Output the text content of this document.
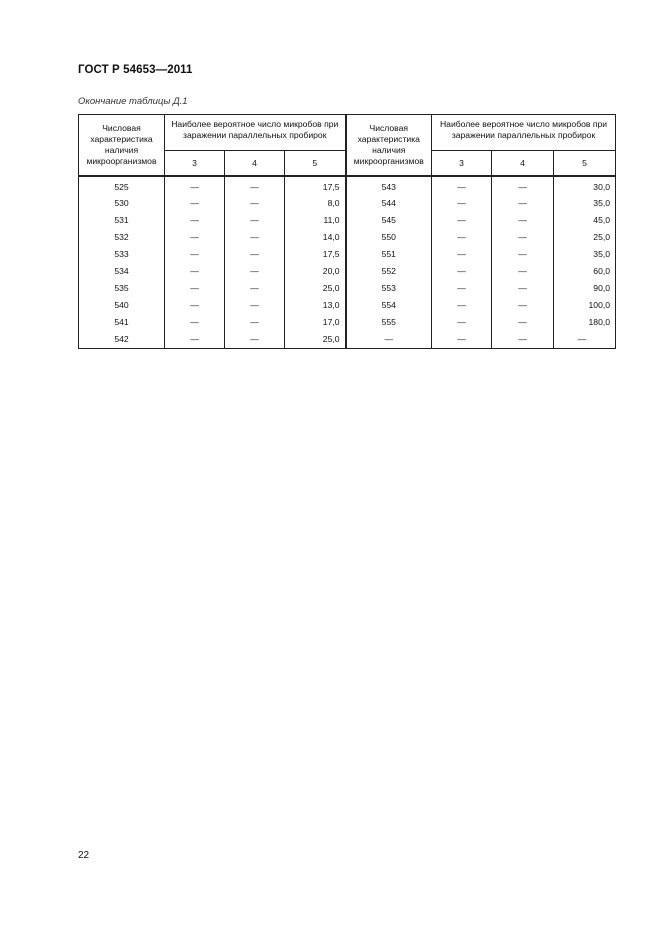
ГОСТ Р 54653—2011
Окончание таблицы Д.1
Числовая характеристика наличия микроорганизмов	Наиболее вероятное число микробов при заражении параллельных пробирок			Числовая характеристика наличия микроорганизмов	Наиболее вероятное число микробов при заражении параллельных пробирок		
	3	4	5		3	4	5
525	—	—	17,5	543	—	—	30,0
530	—	—	8,0	544	—	—	35,0
531	—	—	11,0	545	—	—	45,0
532	—	—	14,0	550	—	—	25,0
533	—	—	17,5	551	—	—	35,0
534	—	—	20,0	552	—	—	60,0
535	—	—	25,0	553	—	—	90,0
540	—	—	13,0	554	—	—	100,0
541	—	—	17,0	555	—	—	180,0
542	—	—	25,0	—	—	—	—
22
